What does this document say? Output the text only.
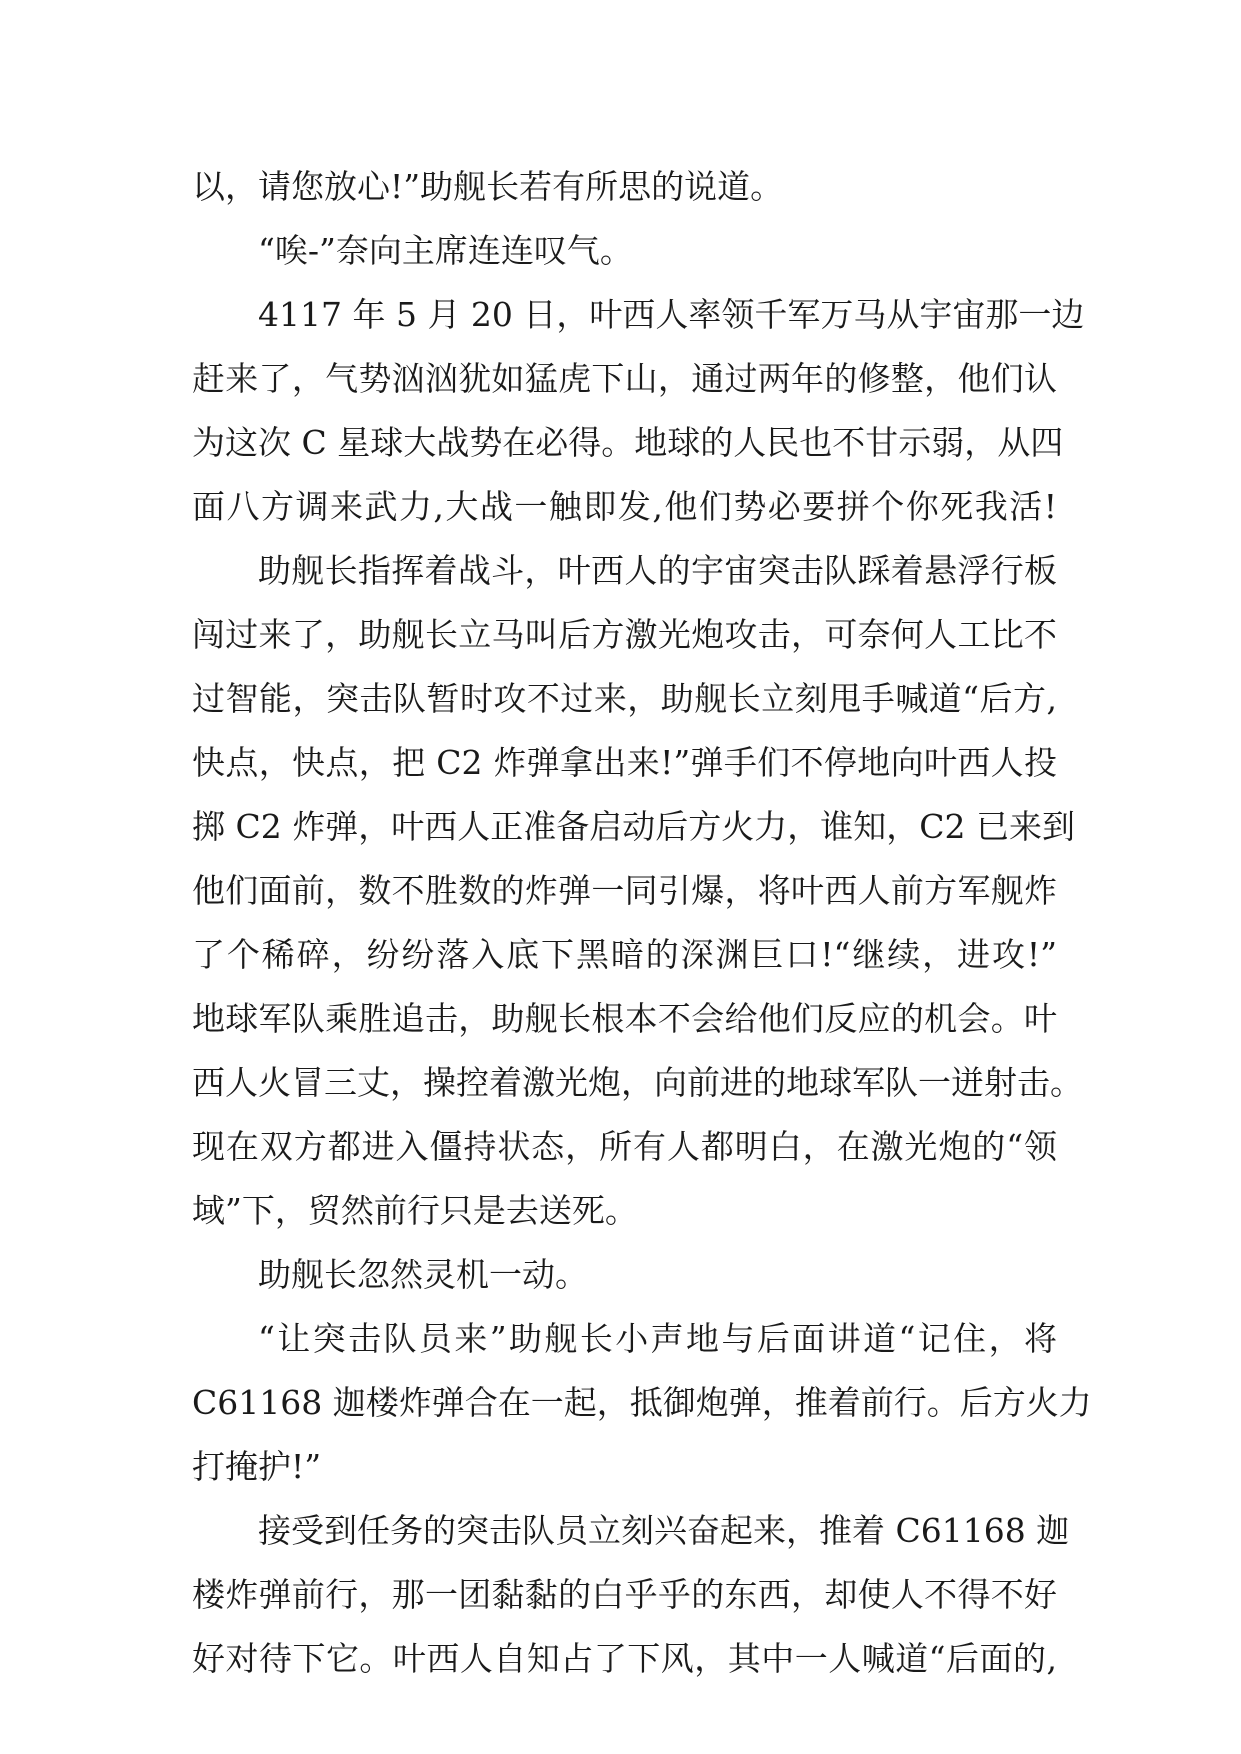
以，请您放心!”助舰长若有所思的说道。
“唉-”奈向主席连连叹气。
4117 年 5 月 20 日，叶西人率领千军万马从宇宙那一边
赶来了，气势汹汹犹如猛虎下山，通过两年的修整，他们认
为这次 C 星球大战势在必得。地球的人民也不甘示弱，从四
面八方调来武力,大战一触即发,他们势必要拼个你死我活!
助舰长指挥着战斗，叶西人的宇宙突击队踩着悬浮行板
闯过来了，助舰长立马叫后方激光炮攻击，可奈何人工比不
过智能，突击队暂时攻不过来，助舰长立刻甩手喊道“后方,
快点，快点，把 C2 炸弹拿出来!”弹手们不停地向叶西人投
掷 C2 炸弹，叶西人正准备启动后方火力，谁知，C2 已来到
他们面前，数不胜数的炸弹一同引爆，将叶西人前方军舰炸
了个稀碎，纷纷落入底下黑暗的深渊巨口!“继续，进攻!”
地球军队乘胜追击，助舰长根本不会给他们反应的机会。叶
西人火冒三丈，操控着激光炮，向前进的地球军队一迸射击。
现在双方都进入僵持状态，所有人都明白，在激光炮的“领
域”下，贸然前行只是去送死。
助舰长忽然灵机一动。
“让突击队员来”助舰长小声地与后面讲道“记住，将
C61168 迦楼炸弹合在一起，抵御炮弹，推着前行。后方火力
打掩护!”
接受到任务的突击队员立刻兴奋起来，推着 C61168 迦
楼炸弹前行，那一团黏黏的白乎乎的东西，却使人不得不好
好对待下它。叶西人自知占了下风，其中一人喊道“后面的,
